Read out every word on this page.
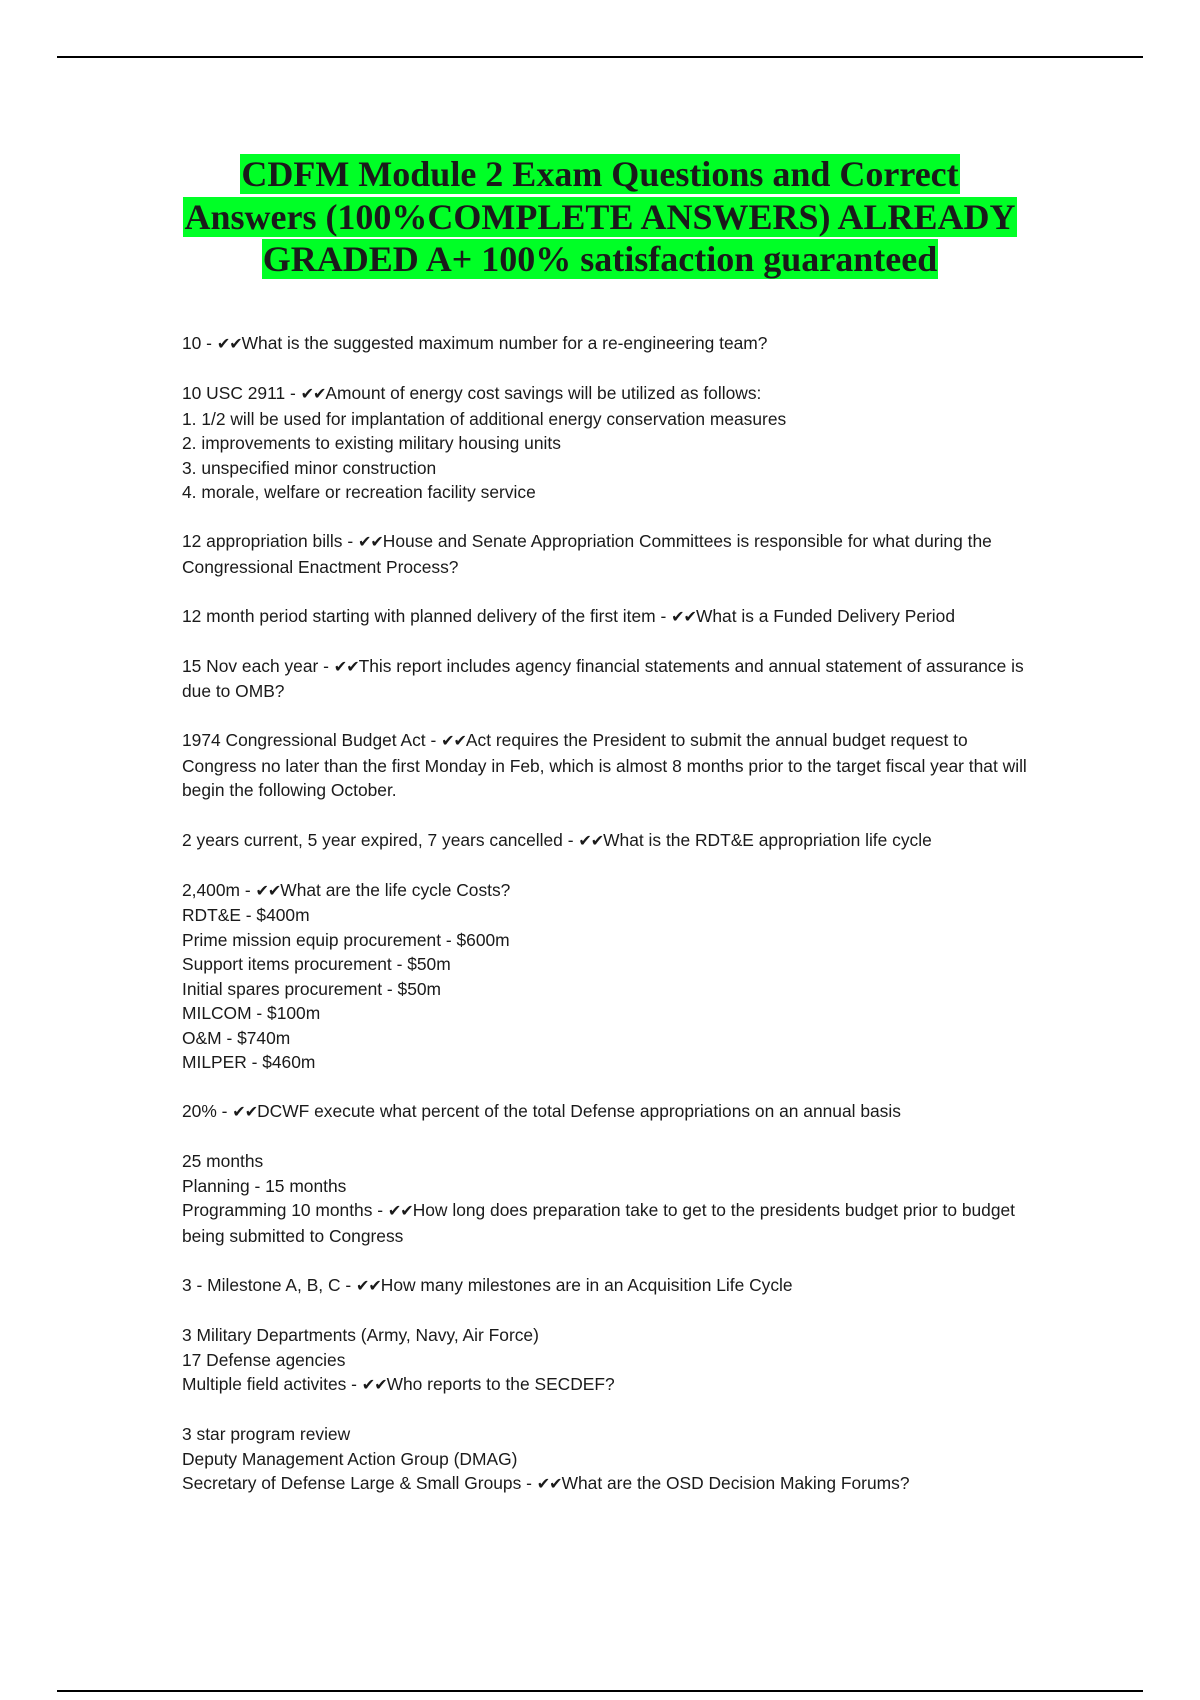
CDFM Module 2 Exam Questions and Correct Answers (100%COMPLETE ANSWERS) ALREADY GRADED A+ 100% satisfaction guaranteed
10 - ✔✔What is the suggested maximum number for a re-engineering team?
10 USC 2911 - ✔✔Amount of energy cost savings will be utilized as follows:
1. 1/2 will be used for implantation of additional energy conservation measures
2. improvements to existing military housing units
3. unspecified minor construction
4. morale, welfare or recreation facility service
12 appropriation bills - ✔✔House and Senate Appropriation Committees is responsible for what during the Congressional Enactment Process?
12 month period starting with planned delivery of the first item - ✔✔What is a Funded Delivery Period
15 Nov each year - ✔✔This report includes agency financial statements and annual statement of assurance is due to OMB?
1974 Congressional Budget Act - ✔✔Act requires the President to submit the annual budget request to Congress no later than the first Monday in Feb, which is almost 8 months prior to the target fiscal year that will begin the following October.
2 years current, 5 year expired, 7 years cancelled - ✔✔What is the RDT&E appropriation life cycle
2,400m - ✔✔What are the life cycle Costs?
RDT&E - $400m
Prime mission equip procurement - $600m
Support items procurement - $50m
Initial spares procurement - $50m
MILCOM - $100m
O&M - $740m
MILPER - $460m
20% - ✔✔DCWF execute what percent of the total Defense appropriations on an annual basis
25 months
Planning - 15 months
Programming 10 months - ✔✔How long does preparation take to get to the presidents budget prior to budget being submitted to Congress
3 - Milestone A, B, C - ✔✔How many milestones are in an Acquisition Life Cycle
3 Military Departments (Army, Navy, Air Force)
17 Defense agencies
Multiple field activites - ✔✔Who reports to the SECDEF?
3 star program review
Deputy Management Action Group (DMAG)
Secretary of Defense Large & Small Groups - ✔✔What are the OSD Decision Making Forums?
